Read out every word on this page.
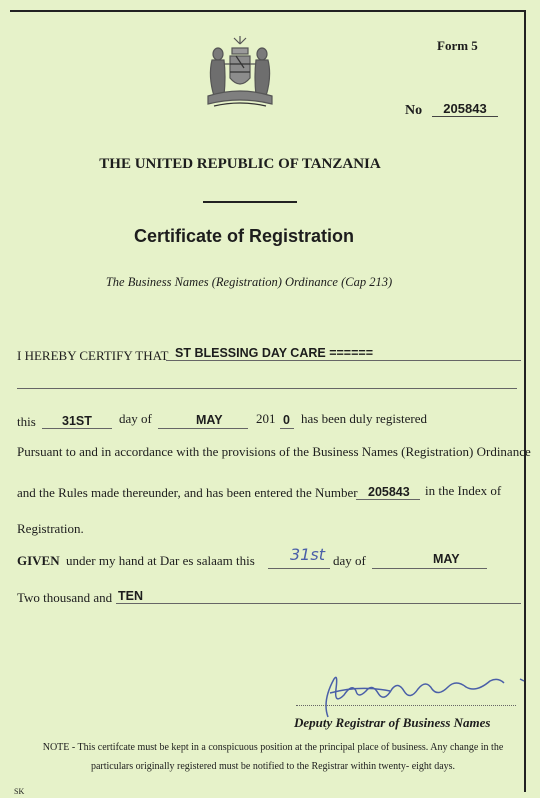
Form 5
No	205843
THE UNITED REPUBLIC OF TANZANIA
Certificate of Registration
The Business Names (Registration) Ordinance (Cap 213)
I HEREBY CERTIFY THAT ST BLESSING DAY CARE ======
this 31ST day of	MAY	201 0 has been duly registered
Pursuant to and in accordance with the provisions of the Business Names (Registration) Ordinance
and the Rules made thereunder, and has been entered the Number 205843 in the Index of
Registration.
GIVEN under my hand at Dar es salaam this 31st day of	MAY
Two thousand and TEN
Deputy Registrar of Business Names
NOTE - This certifcate must be kept in a conspicuous position at the principal place of business. Any change in the particulars originally registered must be notified to the Registrar within twenty- eight days.
SK
